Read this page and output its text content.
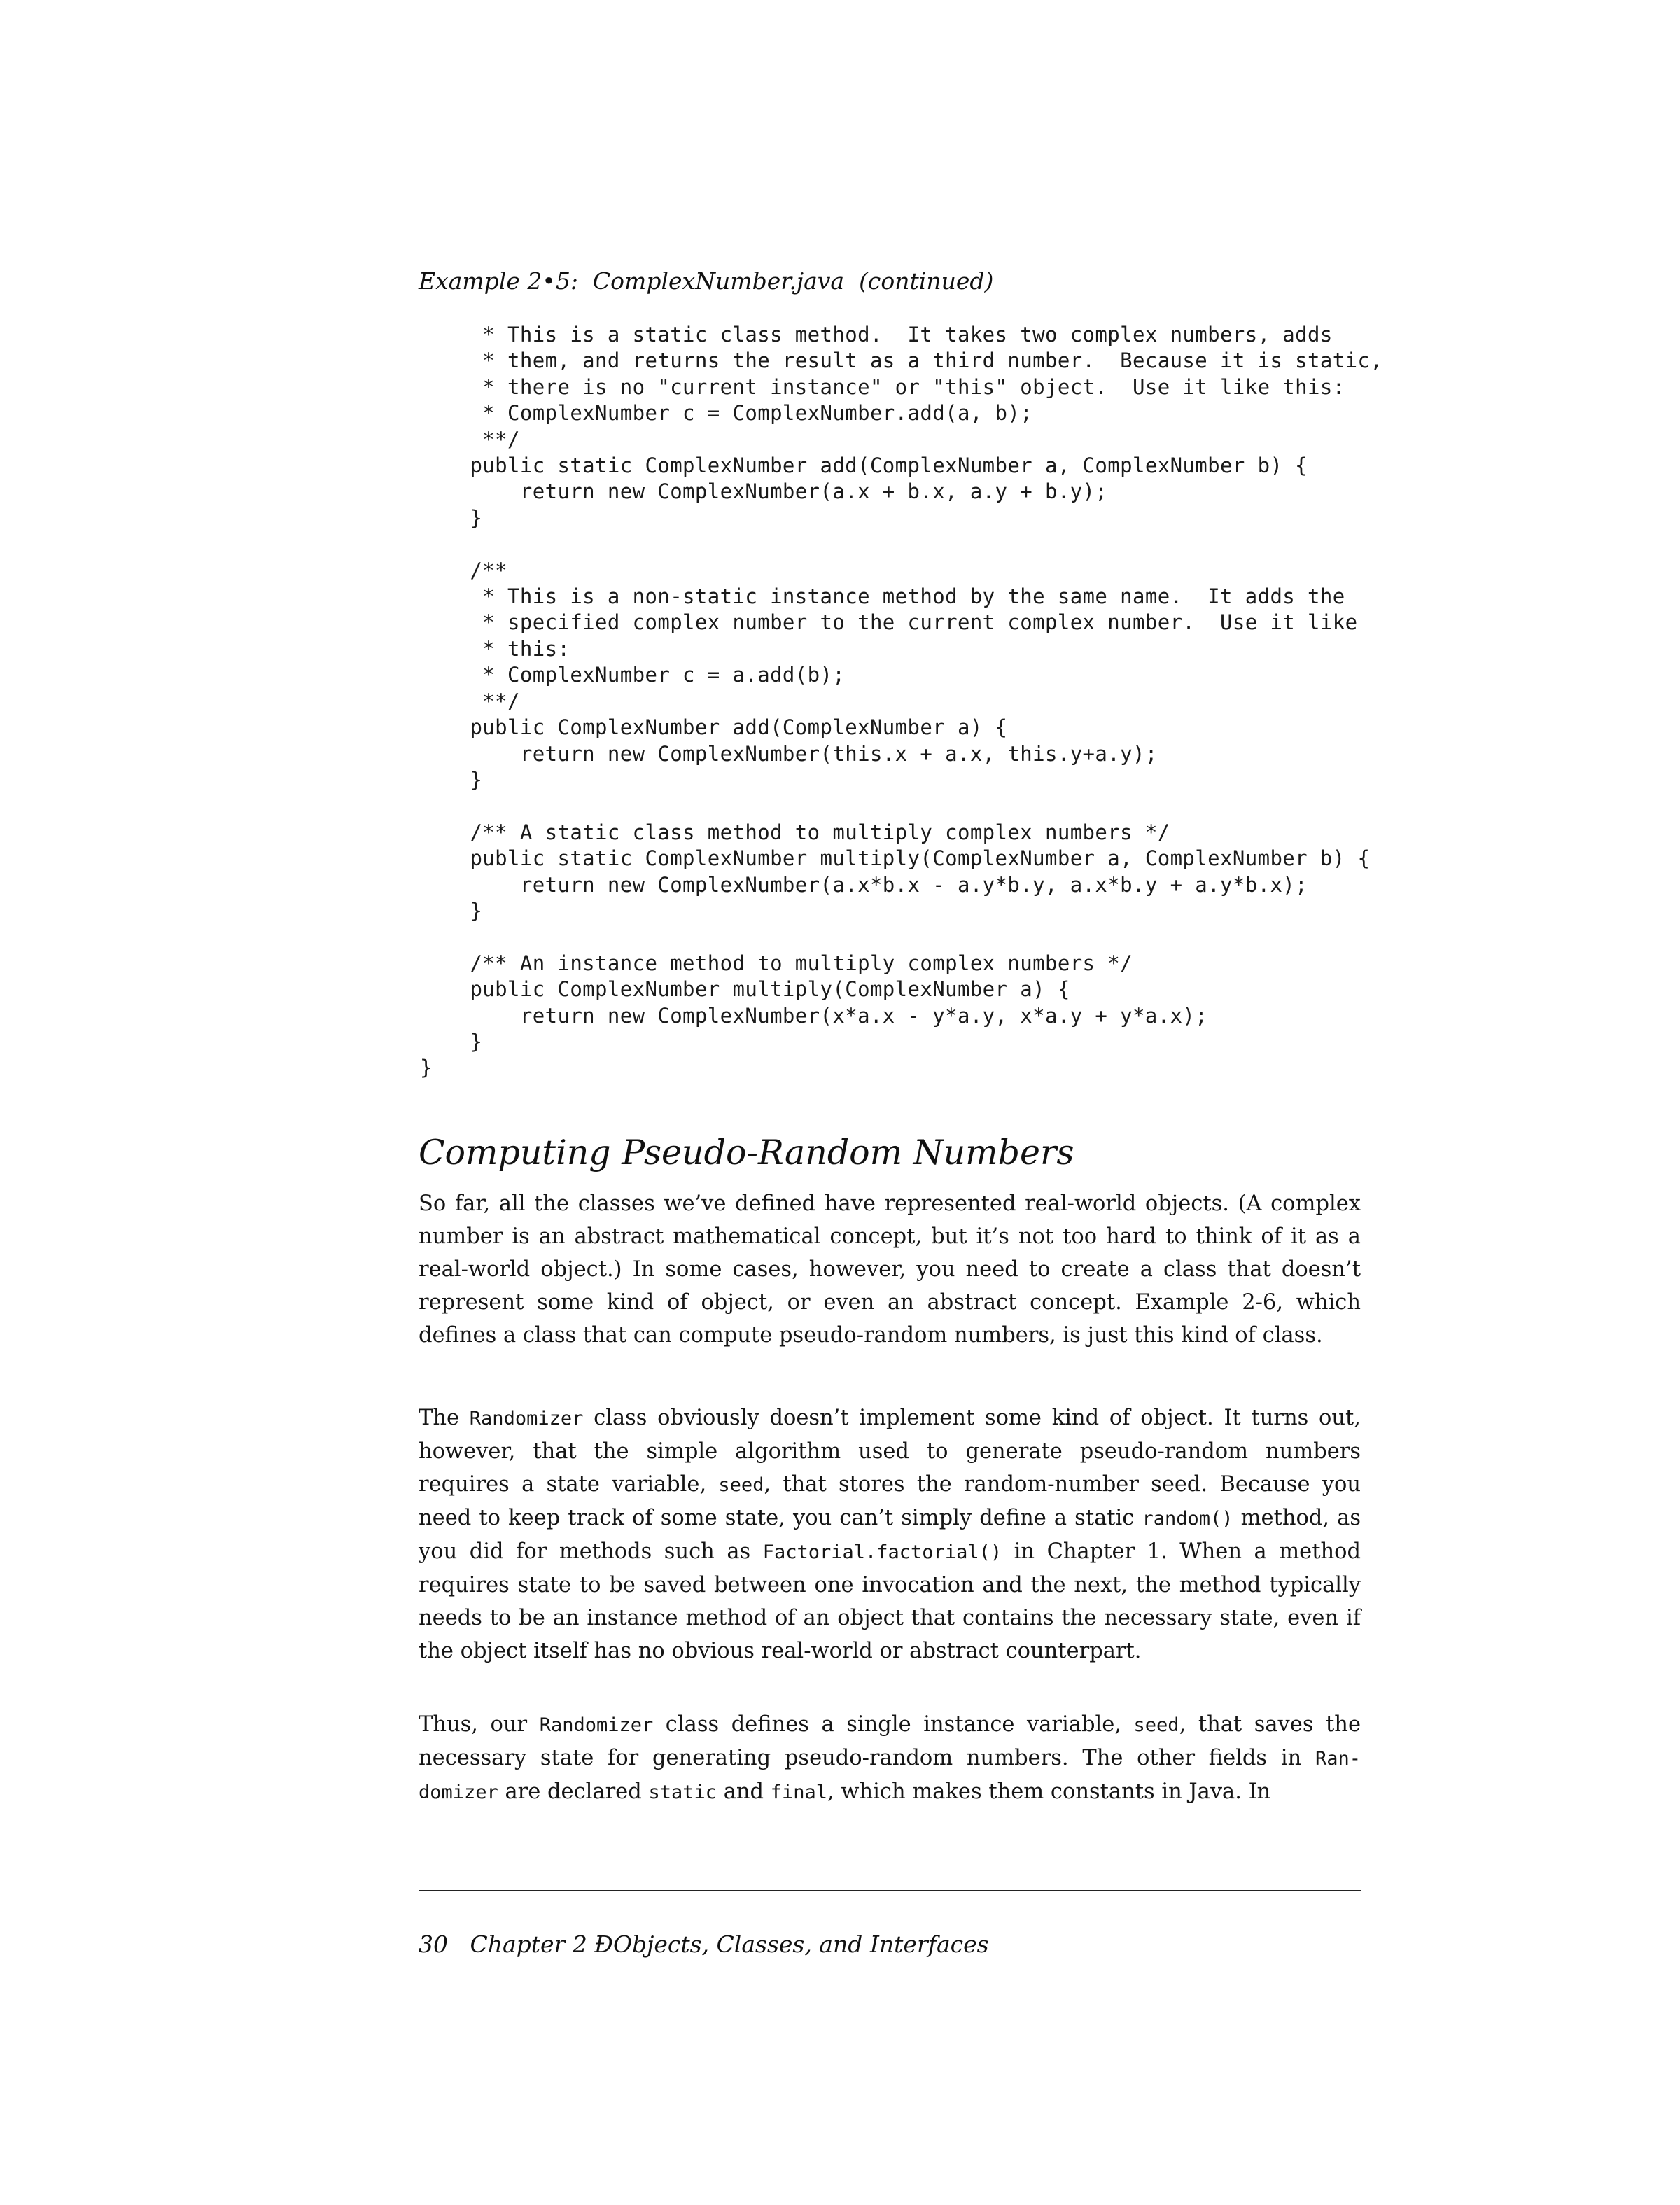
Example 2•5:  ComplexNumber.java  (continued)
* This is a static class method.  It takes two complex numbers, adds
* them, and returns the result as a third number.  Because it is static,
* there is no "current instance" or "this" object.  Use it like this:
* ComplexNumber c = ComplexNumber.add(a, b);
**/
public static ComplexNumber add(ComplexNumber a, ComplexNumber b) {
return new ComplexNumber(a.x + b.x, a.y + b.y);
}

/**
* This is a non-static instance method by the same name.  It adds the
* specified complex number to the current complex number.  Use it like
* this:
* ComplexNumber c = a.add(b);
**/
public ComplexNumber add(ComplexNumber a) {
return new ComplexNumber(this.x + a.x, this.y+a.y);
}

/** A static class method to multiply complex numbers */
public static ComplexNumber multiply(ComplexNumber a, ComplexNumber b) {
return new ComplexNumber(a.x*b.x - a.y*b.y, a.x*b.y + a.y*b.x);
}

/** An instance method to multiply complex numbers */
public ComplexNumber multiply(ComplexNumber a) {
return new ComplexNumber(x*a.x - y*a.y, x*a.y + y*a.x);
}
}
Computing Pseudo-Random Numbers

So far, all the classes we’ve defined have represented real-world objects. (A complex number is an abstract mathematical concept, but it’s not too hard to think of it as a real-world object.) In some cases, however, you need to create a class that doesn’t represent some kind of object, or even an abstract concept. Example 2-6, which defines a class that can compute pseudo-random numbers, is just this kind of class.

The Randomizer class obviously doesn’t implement some kind of object. It turns out, however, that the simple algorithm used to generate pseudo-random numbers requires a state variable, seed, that stores the random-number seed. Because you need to keep track of some state, you can’t simply define a static random() method, as you did for methods such as Factorial.factorial() in Chapter 1. When a method requires state to be saved between one invocation and the next, the method typically needs to be an instance method of an object that contains the necessary state, even if the object itself has no obvious real-world or abstract counterpart.

Thus, our Randomizer class defines a single instance variable, seed, that saves the necessary state for generating pseudo-random numbers. The other fields in Ran-domizer are declared static and final, which makes them constants in Java. In

30   Chapter 2 ÐObjects, Classes, and Interfaces
